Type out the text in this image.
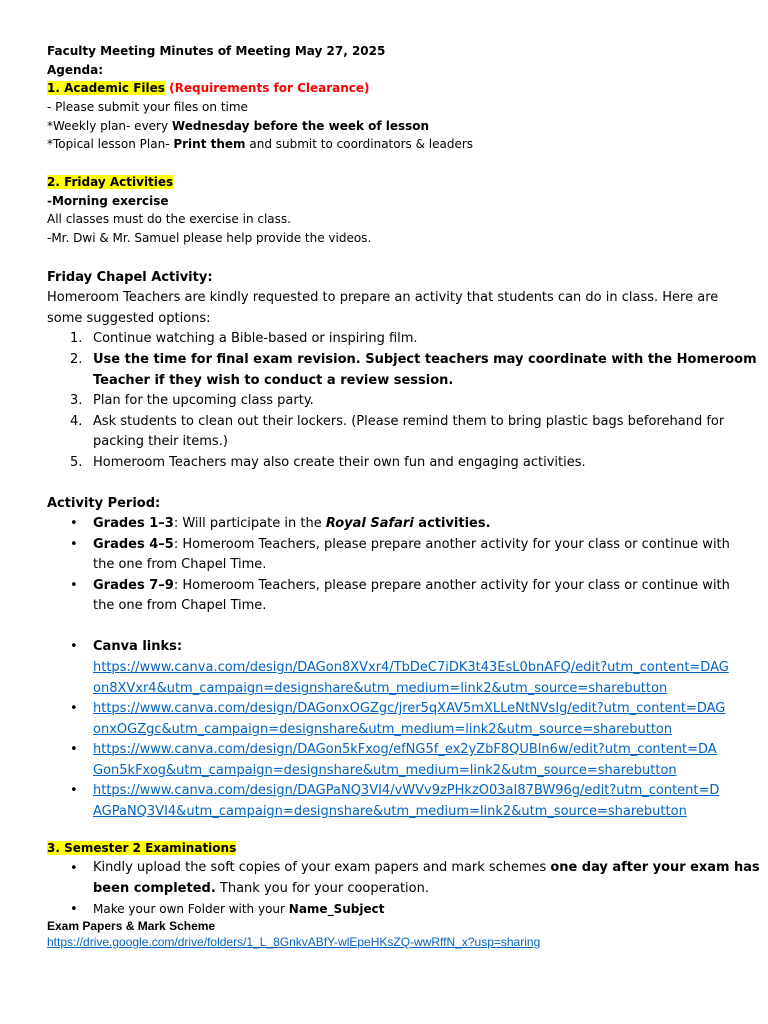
Faculty Meeting Minutes of Meeting May 27, 2025
Agenda:
1. Academic Files (Requirements for Clearance)
- Please submit your files on time
*Weekly plan- every Wednesday before the week of lesson
*Topical lesson Plan- Print them and submit to coordinators & leaders
2. Friday Activities
-Morning exercise
All classes must do the exercise in class.
-Mr. Dwi & Mr. Samuel please help provide the videos.
Friday Chapel Activity:
Homeroom Teachers are kindly requested to prepare an activity that students can do in class. Here are
some suggested options:
1. Continue watching a Bible-based or inspiring film.
2. Use the time for final exam revision. Subject teachers may coordinate with the Homeroom
Teacher if they wish to conduct a review session.
3. Plan for the upcoming class party.
4. Ask students to clean out their lockers. (Please remind them to bring plastic bags beforehand for
packing their items.)
5. Homeroom Teachers may also create their own fun and engaging activities.
Activity Period:
• Grades 1–3: Will participate in the Royal Safari activities.
• Grades 4–5: Homeroom Teachers, please prepare another activity for your class or continue with
the one from Chapel Time.
• Grades 7–9: Homeroom Teachers, please prepare another activity for your class or continue with
the one from Chapel Time.
• Canva links:
https://www.canva.com/design/DAGon8XVxr4/TbDeC7iDK3t43EsL0bnAFQ/edit?utm_content=DAG
on8XVxr4&utm_campaign=designshare&utm_medium=link2&utm_source=sharebutton
• https://www.canva.com/design/DAGonxOGZgc/jrer5qXAV5mXLLeNtNVsIg/edit?utm_content=DAG
onxOGZgc&utm_campaign=designshare&utm_medium=link2&utm_source=sharebutton
• https://www.canva.com/design/DAGon5kFxog/efNG5f_ex2yZbF8QUBln6w/edit?utm_content=DA
Gon5kFxog&utm_campaign=designshare&utm_medium=link2&utm_source=sharebutton
• https://www.canva.com/design/DAGPaNQ3VI4/vWVv9zPHkzO03aI87BW96g/edit?utm_content=D
AGPaNQ3VI4&utm_campaign=designshare&utm_medium=link2&utm_source=sharebutton
3. Semester 2 Examinations
• Kindly upload the soft copies of your exam papers and mark schemes one day after your exam has
been completed. Thank you for your cooperation.
• Make your own Folder with your Name_Subject
Exam Papers & Mark Scheme
https://drive.google.com/drive/folders/1_L_8GnkvABfY-wlEpeHKsZQ-wwRffN_x?usp=sharing
